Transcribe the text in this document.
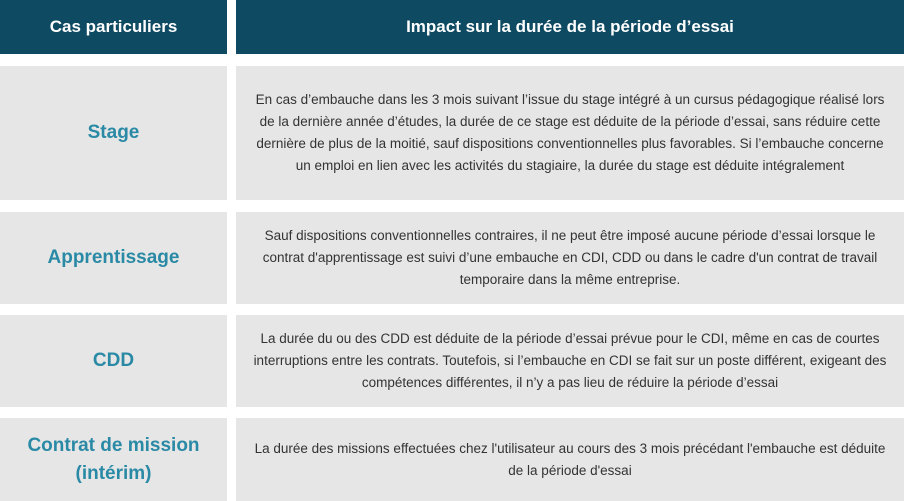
Cas particuliers	Impact sur la durée de la période d’essai
Stage
En cas d’embauche dans les 3 mois suivant l’issue du stage intégré à un cursus pédagogique réalisé lors de la dernière année d’études, la durée de ce stage est déduite de la période d’essai, sans réduire cette dernière de plus de la moitié, sauf dispositions conventionnelles plus favorables. Si l’embauche concerne un emploi en lien avec les activités du stagiaire, la durée du stage est déduite intégralement
Apprentissage
Sauf dispositions conventionnelles contraires, il ne peut être imposé aucune période d’essai lorsque le contrat d'apprentissage est suivi d’une embauche en CDI, CDD ou dans le cadre d'un contrat de travail temporaire dans la même entreprise.
CDD
La durée du ou des CDD est déduite de la période d’essai prévue pour le CDI, même en cas de courtes interruptions entre les contrats. Toutefois, si l’embauche en CDI se fait sur un poste différent, exigeant des compétences différentes, il n’y a pas lieu de réduire la période d’essai
Contrat de mission (intérim)
La durée des missions effectuées chez l'utilisateur au cours des 3 mois précédant l'embauche est déduite de la période d'essai
